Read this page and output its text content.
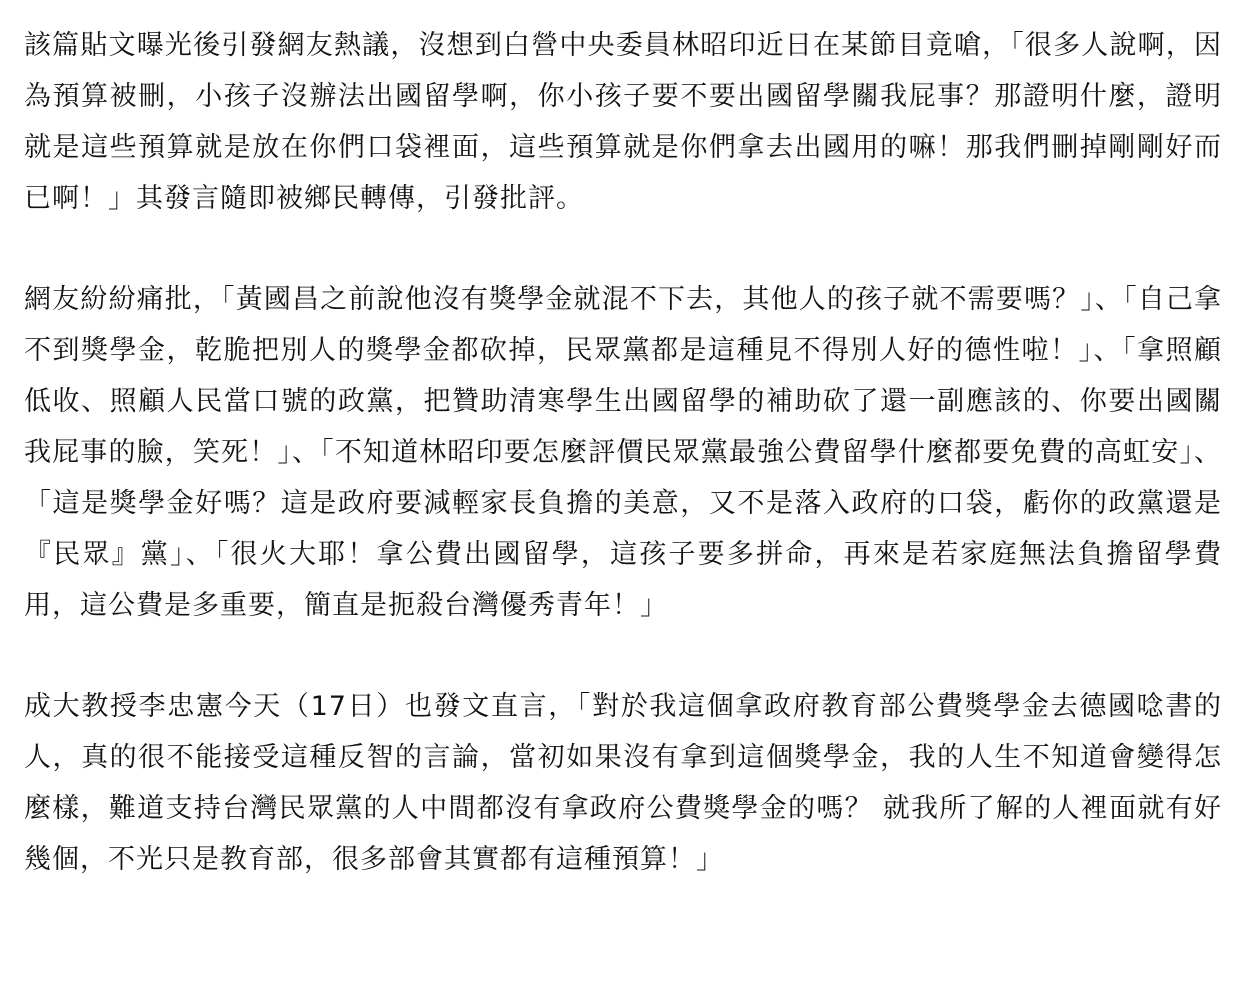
該篇貼文曝光後引發網友熱議，沒想到白營中央委員林昭印近日在某節目竟嗆，「很多人說啊，因為預算被刪，小孩子沒辦法出國留學啊，你小孩子要不要出國留學關我屁事？那證明什麼，證明就是這些預算就是放在你們口袋裡面，這些預算就是你們拿去出國用的嘛！那我們刪掉剛剛好而已啊！」其發言隨即被鄉民轉傳，引發批評。

網友紛紛痛批，「黃國昌之前說他沒有獎學金就混不下去，其他人的孩子就不需要嗎？」、「自己拿不到獎學金，乾脆把別人的獎學金都砍掉，民眾黨都是這種見不得別人好的德性啦！」、「拿照顧低收、照顧人民當口號的政黨，把贊助清寒學生出國留學的補助砍了還一副應該的、你要出國關我屁事的臉，笑死！」、「不知道林昭印要怎麼評價民眾黨最強公費留學什麼都要免費的高虹安」、「這是獎學金好嗎？這是政府要減輕家長負擔的美意，又不是落入政府的口袋，虧你的政黨還是『民眾』黨」、「很火大耶！拿公費出國留學，這孩子要多拼命，再來是若家庭無法負擔留學費用，這公費是多重要，簡直是扼殺台灣優秀青年！」

成大教授李忠憲今天（17日）也發文直言，「對於我這個拿政府教育部公費獎學金去德國唸書的人，真的很不能接受這種反智的言論，當初如果沒有拿到這個獎學金，我的人生不知道會變得怎麼樣，難道支持台灣民眾黨的人中間都沒有拿政府公費獎學金的嗎？ 就我所了解的人裡面就有好幾個，不光只是教育部，很多部會其實都有這種預算！」
